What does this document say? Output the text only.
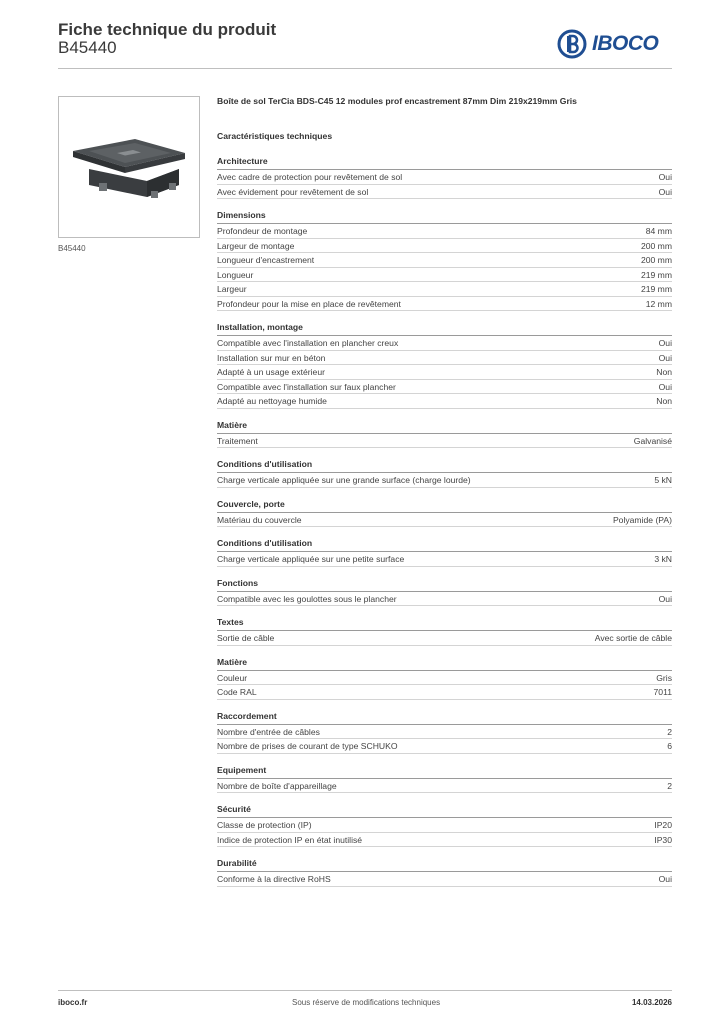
Fiche technique du produit
B45440	IBOCO
B45440
Boîte de sol TerCia BDS-C45 12 modules prof encastrement 87mm Dim 219x219mm Gris
Caractéristiques techniques
Architecture
Avec cadre de protection pour revêtement de sol	Oui
Avec évidement pour revêtement de sol	Oui
Dimensions
Profondeur de montage	84 mm
Largeur de montage	200 mm
Longueur d'encastrement	200 mm
Longueur	219 mm
Largeur	219 mm
Profondeur pour la mise en place de revêtement	12 mm
Installation, montage
Compatible avec l'installation en plancher creux	Oui
Installation sur mur en béton	Oui
Adapté à un usage extérieur	Non
Compatible avec l'installation sur faux plancher	Oui
Adapté au nettoyage humide	Non
Matière
Traitement	Galvanisé
Conditions d'utilisation
Charge verticale appliquée sur une grande surface (charge lourde)	5 kN
Couvercle, porte
Matériau du couvercle	Polyamide (PA)
Conditions d'utilisation
Charge verticale appliquée sur une petite surface	3 kN
Fonctions
Compatible avec les goulottes sous le plancher	Oui
Textes
Sortie de câble	Avec sortie de câble
Matière
Couleur	Gris
Code RAL	7011
Raccordement
Nombre d'entrée de câbles	2
Nombre de prises de courant de type SCHUKO	6
Equipement
Nombre de boîte d'appareillage	2
Sécurité
Classe de protection (IP)	IP20
Indice de protection IP en état inutilisé	IP30
Durabilité
Conforme à la directive RoHS	Oui
iboco.fr	Sous réserve de modifications techniques	14.03.2026
